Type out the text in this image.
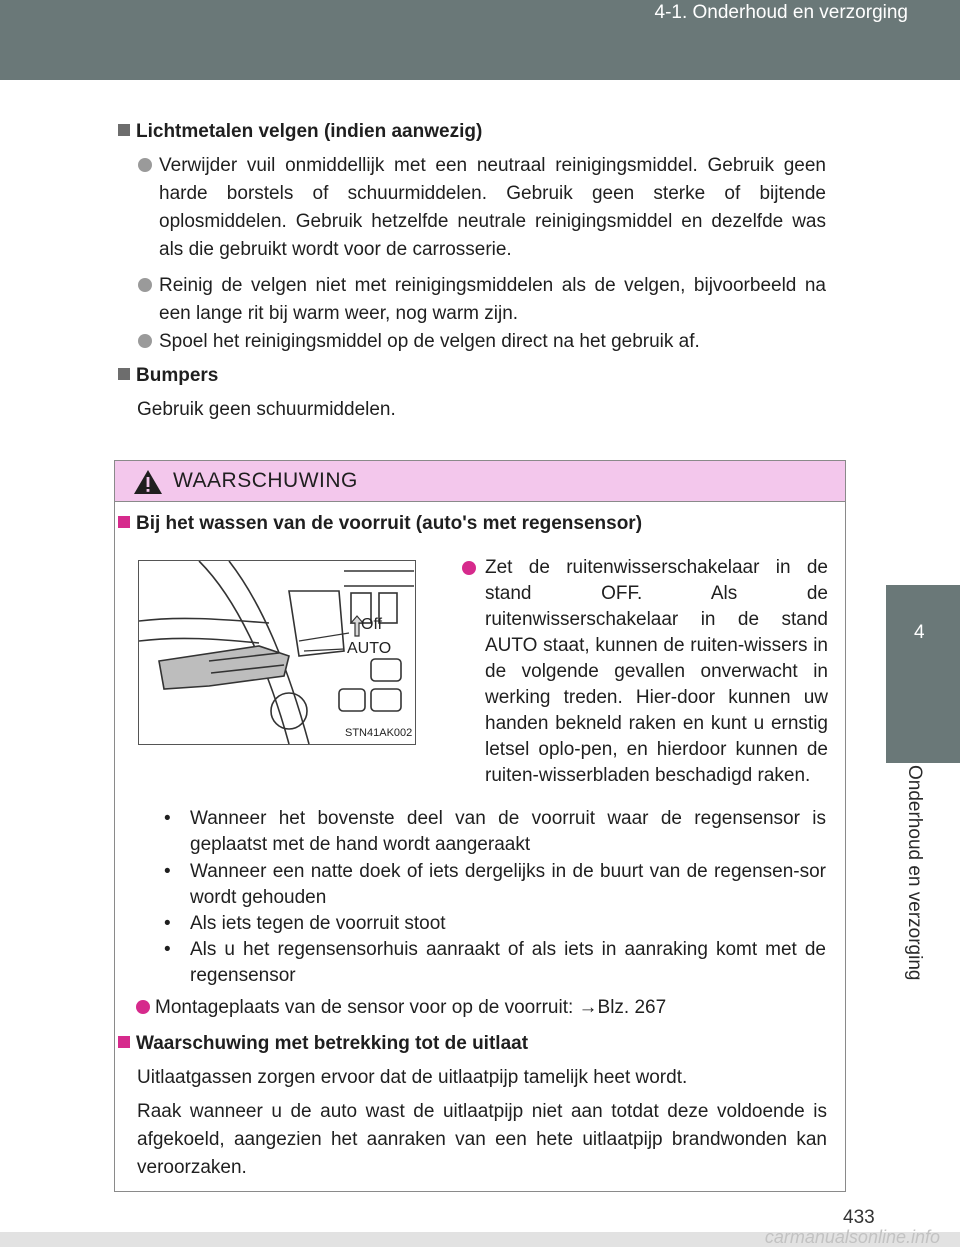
4-1. Onderhoud en verzorging
4
Onderhoud en verzorging
Lichtmetalen velgen (indien aanwezig)
Verwijder vuil onmiddellijk met een neutraal reinigingsmiddel. Gebruik geen harde borstels of schuurmiddelen. Gebruik geen sterke of bijtende oplosmiddelen. Gebruik hetzelfde neutrale reinigingsmiddel en dezelfde was als die gebruikt wordt voor de carrosserie.
Reinig de velgen niet met reinigingsmiddelen als de velgen, bijvoorbeeld na een lange rit bij warm weer, nog warm zijn.
Spoel het reinigingsmiddel op de velgen direct na het gebruik af.
Bumpers
Gebruik geen schuurmiddelen.
WAARSCHUWING
Bij het wassen van de voorruit (auto's met regensensor)
Off
AUTO
STN41AK002
Zet de ruitenwisserschakelaar in de stand OFF. Als de ruitenwisserschakelaar in de stand AUTO staat, kunnen de ruiten-wissers in de volgende gevallen onverwacht in werking treden. Hier-door kunnen uw handen bekneld raken en kunt u ernstig letsel oplo-pen, en hierdoor kunnen de ruiten-wisserbladen beschadigd raken.
• Wanneer het bovenste deel van de voorruit waar de regensensor is geplaatst met de hand wordt aangeraakt
• Wanneer een natte doek of iets dergelijks in de buurt van de regensen-sor wordt gehouden
• Als iets tegen de voorruit stoot
• Als u het regensensorhuis aanraakt of als iets in aanraking komt met de regensensor
Montageplaats van de sensor voor op de voorruit: →Blz. 267
Waarschuwing met betrekking tot de uitlaat
Uitlaatgassen zorgen ervoor dat de uitlaatpijp tamelijk heet wordt.
Raak wanneer u de auto wast de uitlaatpijp niet aan totdat deze voldoende is afgekoeld, aangezien het aanraken van een hete uitlaatpijp brandwonden kan veroorzaken.
433
carmanualsonline.info
